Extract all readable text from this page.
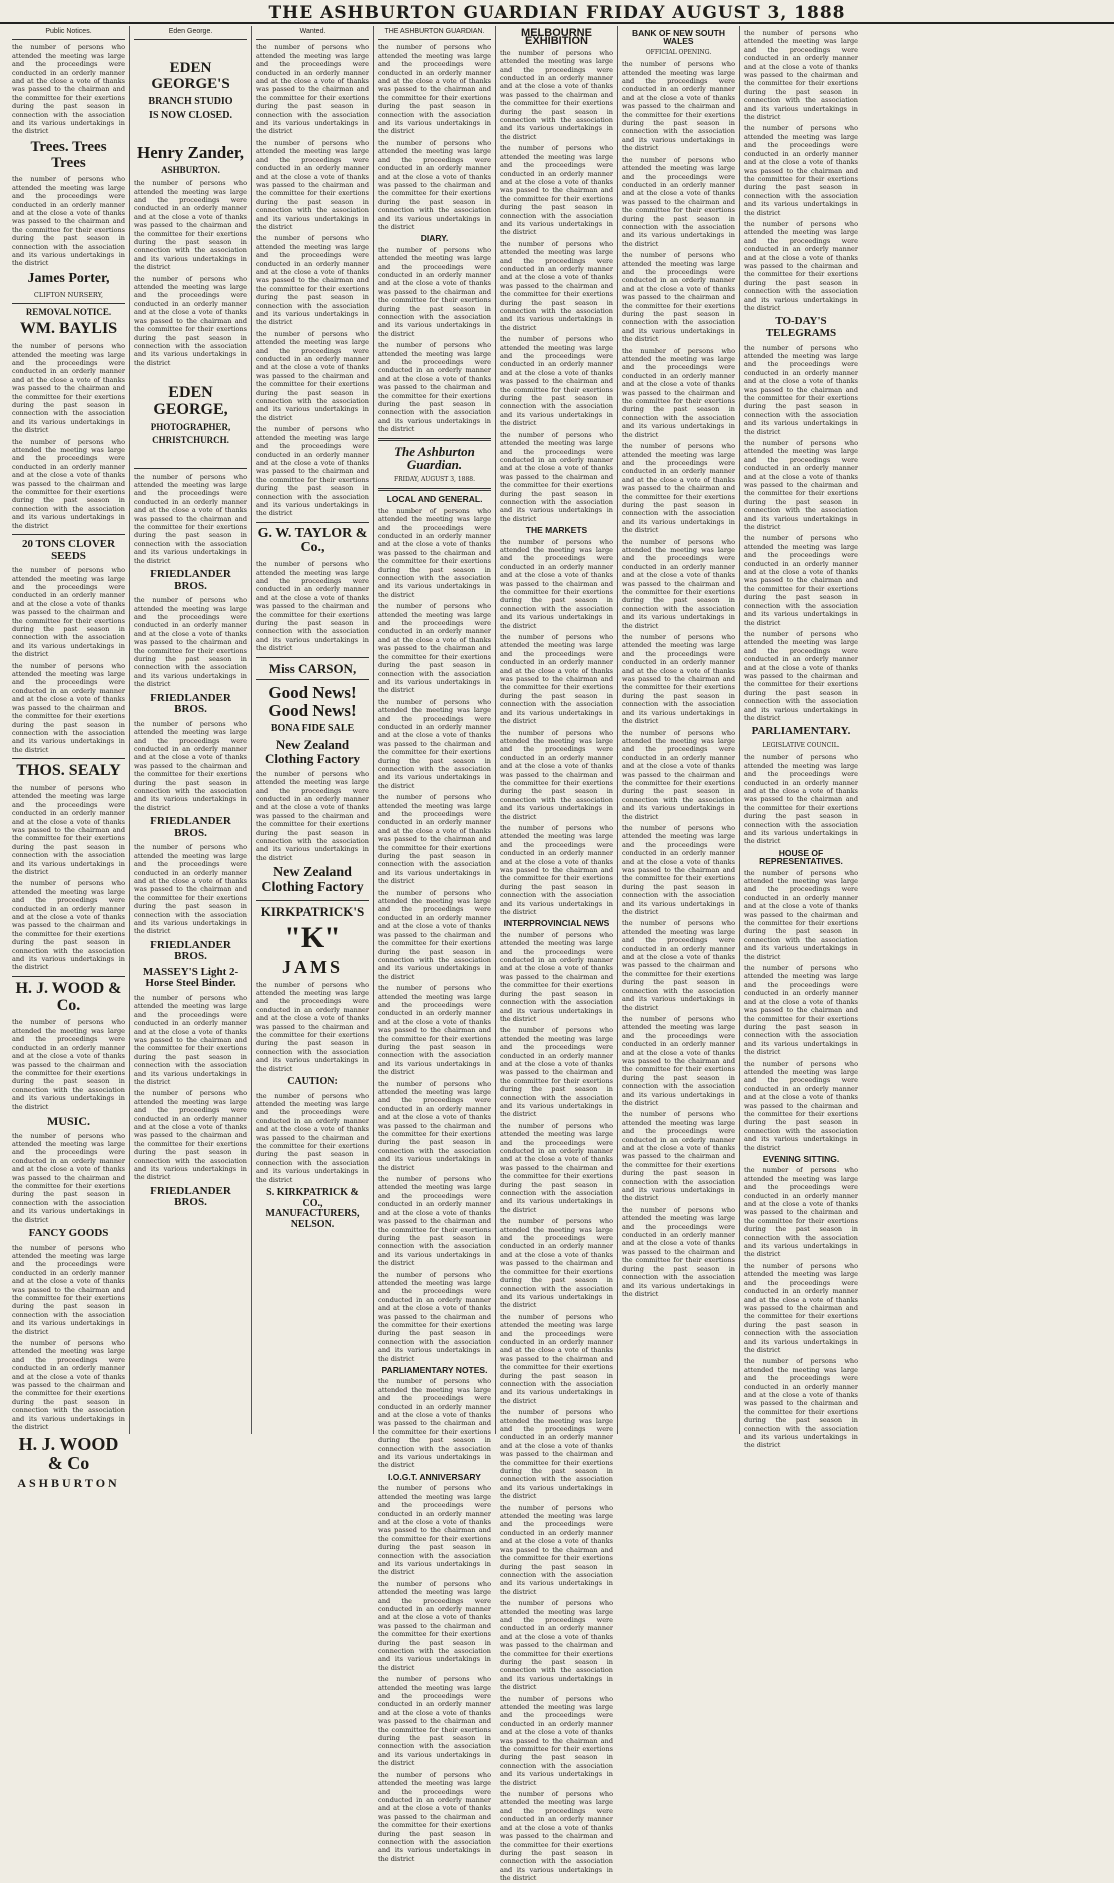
THE ASHBURTON GUARDIAN FRIDAY AUGUST 3, 1888
Public Notices.
the number of persons who attended the meeting was large and the proceedings were conducted in an orderly manner and at the close a vote of thanks was passed to the chairman and the committee for their exertions during the past season in connection with the association and its various undertakings in the district
Trees. Trees Trees
the number of persons who attended the meeting was large and the proceedings were conducted in an orderly manner and at the close a vote of thanks was passed to the chairman and the committee for their exertions during the past season in connection with the association and its various undertakings in the district
James Porter,
CLIFTON NURSERY,
REMOVAL NOTICE.
WM. BAYLIS
the number of persons who attended the meeting was large and the proceedings were conducted in an orderly manner and at the close a vote of thanks was passed to the chairman and the committee for their exertions during the past season in connection with the association and its various undertakings in the district
the number of persons who attended the meeting was large and the proceedings were conducted in an orderly manner and at the close a vote of thanks was passed to the chairman and the committee for their exertions during the past season in connection with the association and its various undertakings in the district
20 TONS CLOVER SEEDS
the number of persons who attended the meeting was large and the proceedings were conducted in an orderly manner and at the close a vote of thanks was passed to the chairman and the committee for their exertions during the past season in connection with the association and its various undertakings in the district
the number of persons who attended the meeting was large and the proceedings were conducted in an orderly manner and at the close a vote of thanks was passed to the chairman and the committee for their exertions during the past season in connection with the association and its various undertakings in the district
THOS. SEALY
the number of persons who attended the meeting was large and the proceedings were conducted in an orderly manner and at the close a vote of thanks was passed to the chairman and the committee for their exertions during the past season in connection with the association and its various undertakings in the district
the number of persons who attended the meeting was large and the proceedings were conducted in an orderly manner and at the close a vote of thanks was passed to the chairman and the committee for their exertions during the past season in connection with the association and its various undertakings in the district
H. J. WOOD & Co.
the number of persons who attended the meeting was large and the proceedings were conducted in an orderly manner and at the close a vote of thanks was passed to the chairman and the committee for their exertions during the past season in connection with the association and its various undertakings in the district
MUSIC.
the number of persons who attended the meeting was large and the proceedings were conducted in an orderly manner and at the close a vote of thanks was passed to the chairman and the committee for their exertions during the past season in connection with the association and its various undertakings in the district
FANCY GOODS
the number of persons who attended the meeting was large and the proceedings were conducted in an orderly manner and at the close a vote of thanks was passed to the chairman and the committee for their exertions during the past season in connection with the association and its various undertakings in the district
the number of persons who attended the meeting was large and the proceedings were conducted in an orderly manner and at the close a vote of thanks was passed to the chairman and the committee for their exertions during the past season in connection with the association and its various undertakings in the district
H. J. WOOD & Co
ASHBURTON
Eden George.
EDEN GEORGE'S
BRANCH STUDIO
IS NOW CLOSED.
Henry Zander,
ASHBURTON.
the number of persons who attended the meeting was large and the proceedings were conducted in an orderly manner and at the close a vote of thanks was passed to the chairman and the committee for their exertions during the past season in connection with the association and its various undertakings in the district
the number of persons who attended the meeting was large and the proceedings were conducted in an orderly manner and at the close a vote of thanks was passed to the chairman and the committee for their exertions during the past season in connection with the association and its various undertakings in the district
EDEN GEORGE,
PHOTOGRAPHER,
CHRISTCHURCH.
the number of persons who attended the meeting was large and the proceedings were conducted in an orderly manner and at the close a vote of thanks was passed to the chairman and the committee for their exertions during the past season in connection with the association and its various undertakings in the district
FRIEDLANDER BROS.
the number of persons who attended the meeting was large and the proceedings were conducted in an orderly manner and at the close a vote of thanks was passed to the chairman and the committee for their exertions during the past season in connection with the association and its various undertakings in the district
FRIEDLANDER BROS.
the number of persons who attended the meeting was large and the proceedings were conducted in an orderly manner and at the close a vote of thanks was passed to the chairman and the committee for their exertions during the past season in connection with the association and its various undertakings in the district
FRIEDLANDER BROS.
the number of persons who attended the meeting was large and the proceedings were conducted in an orderly manner and at the close a vote of thanks was passed to the chairman and the committee for their exertions during the past season in connection with the association and its various undertakings in the district
FRIEDLANDER BROS.
MASSEY'S Light 2-Horse Steel Binder.
the number of persons who attended the meeting was large and the proceedings were conducted in an orderly manner and at the close a vote of thanks was passed to the chairman and the committee for their exertions during the past season in connection with the association and its various undertakings in the district
the number of persons who attended the meeting was large and the proceedings were conducted in an orderly manner and at the close a vote of thanks was passed to the chairman and the committee for their exertions during the past season in connection with the association and its various undertakings in the district
FRIEDLANDER BROS.
Wanted.
the number of persons who attended the meeting was large and the proceedings were conducted in an orderly manner and at the close a vote of thanks was passed to the chairman and the committee for their exertions during the past season in connection with the association and its various undertakings in the district
the number of persons who attended the meeting was large and the proceedings were conducted in an orderly manner and at the close a vote of thanks was passed to the chairman and the committee for their exertions during the past season in connection with the association and its various undertakings in the district
the number of persons who attended the meeting was large and the proceedings were conducted in an orderly manner and at the close a vote of thanks was passed to the chairman and the committee for their exertions during the past season in connection with the association and its various undertakings in the district
the number of persons who attended the meeting was large and the proceedings were conducted in an orderly manner and at the close a vote of thanks was passed to the chairman and the committee for their exertions during the past season in connection with the association and its various undertakings in the district
the number of persons who attended the meeting was large and the proceedings were conducted in an orderly manner and at the close a vote of thanks was passed to the chairman and the committee for their exertions during the past season in connection with the association and its various undertakings in the district
G. W. TAYLOR & Co.,
the number of persons who attended the meeting was large and the proceedings were conducted in an orderly manner and at the close a vote of thanks was passed to the chairman and the committee for their exertions during the past season in connection with the association and its various undertakings in the district
Miss CARSON,
Good News! Good News!
BONA FIDE SALE
New Zealand Clothing Factory
the number of persons who attended the meeting was large and the proceedings were conducted in an orderly manner and at the close a vote of thanks was passed to the chairman and the committee for their exertions during the past season in connection with the association and its various undertakings in the district
New Zealand Clothing Factory
KIRKPATRICK'S
"K"
JAMS
the number of persons who attended the meeting was large and the proceedings were conducted in an orderly manner and at the close a vote of thanks was passed to the chairman and the committee for their exertions during the past season in connection with the association and its various undertakings in the district
CAUTION:
the number of persons who attended the meeting was large and the proceedings were conducted in an orderly manner and at the close a vote of thanks was passed to the chairman and the committee for their exertions during the past season in connection with the association and its various undertakings in the district
S. KIRKPATRICK & CO., MANUFACTURERS, NELSON.
THE ASHBURTON GUARDIAN.
the number of persons who attended the meeting was large and the proceedings were conducted in an orderly manner and at the close a vote of thanks was passed to the chairman and the committee for their exertions during the past season in connection with the association and its various undertakings in the district
the number of persons who attended the meeting was large and the proceedings were conducted in an orderly manner and at the close a vote of thanks was passed to the chairman and the committee for their exertions during the past season in connection with the association and its various undertakings in the district
DIARY.
the number of persons who attended the meeting was large and the proceedings were conducted in an orderly manner and at the close a vote of thanks was passed to the chairman and the committee for their exertions during the past season in connection with the association and its various undertakings in the district
the number of persons who attended the meeting was large and the proceedings were conducted in an orderly manner and at the close a vote of thanks was passed to the chairman and the committee for their exertions during the past season in connection with the association and its various undertakings in the district
The Ashburton Guardian.
FRIDAY, AUGUST 3, 1888.
LOCAL AND GENERAL.
the number of persons who attended the meeting was large and the proceedings were conducted in an orderly manner and at the close a vote of thanks was passed to the chairman and the committee for their exertions during the past season in connection with the association and its various undertakings in the district
the number of persons who attended the meeting was large and the proceedings were conducted in an orderly manner and at the close a vote of thanks was passed to the chairman and the committee for their exertions during the past season in connection with the association and its various undertakings in the district
the number of persons who attended the meeting was large and the proceedings were conducted in an orderly manner and at the close a vote of thanks was passed to the chairman and the committee for their exertions during the past season in connection with the association and its various undertakings in the district
the number of persons who attended the meeting was large and the proceedings were conducted in an orderly manner and at the close a vote of thanks was passed to the chairman and the committee for their exertions during the past season in connection with the association and its various undertakings in the district
the number of persons who attended the meeting was large and the proceedings were conducted in an orderly manner and at the close a vote of thanks was passed to the chairman and the committee for their exertions during the past season in connection with the association and its various undertakings in the district
the number of persons who attended the meeting was large and the proceedings were conducted in an orderly manner and at the close a vote of thanks was passed to the chairman and the committee for their exertions during the past season in connection with the association and its various undertakings in the district
the number of persons who attended the meeting was large and the proceedings were conducted in an orderly manner and at the close a vote of thanks was passed to the chairman and the committee for their exertions during the past season in connection with the association and its various undertakings in the district
the number of persons who attended the meeting was large and the proceedings were conducted in an orderly manner and at the close a vote of thanks was passed to the chairman and the committee for their exertions during the past season in connection with the association and its various undertakings in the district
the number of persons who attended the meeting was large and the proceedings were conducted in an orderly manner and at the close a vote of thanks was passed to the chairman and the committee for their exertions during the past season in connection with the association and its various undertakings in the district
PARLIAMENTARY NOTES.
the number of persons who attended the meeting was large and the proceedings were conducted in an orderly manner and at the close a vote of thanks was passed to the chairman and the committee for their exertions during the past season in connection with the association and its various undertakings in the district
I.O.G.T. ANNIVERSARY
the number of persons who attended the meeting was large and the proceedings were conducted in an orderly manner and at the close a vote of thanks was passed to the chairman and the committee for their exertions during the past season in connection with the association and its various undertakings in the district
the number of persons who attended the meeting was large and the proceedings were conducted in an orderly manner and at the close a vote of thanks was passed to the chairman and the committee for their exertions during the past season in connection with the association and its various undertakings in the district
the number of persons who attended the meeting was large and the proceedings were conducted in an orderly manner and at the close a vote of thanks was passed to the chairman and the committee for their exertions during the past season in connection with the association and its various undertakings in the district
the number of persons who attended the meeting was large and the proceedings were conducted in an orderly manner and at the close a vote of thanks was passed to the chairman and the committee for their exertions during the past season in connection with the association and its various undertakings in the district
MELBOURNE EXHIBITION
the number of persons who attended the meeting was large and the proceedings were conducted in an orderly manner and at the close a vote of thanks was passed to the chairman and the committee for their exertions during the past season in connection with the association and its various undertakings in the district
the number of persons who attended the meeting was large and the proceedings were conducted in an orderly manner and at the close a vote of thanks was passed to the chairman and the committee for their exertions during the past season in connection with the association and its various undertakings in the district
the number of persons who attended the meeting was large and the proceedings were conducted in an orderly manner and at the close a vote of thanks was passed to the chairman and the committee for their exertions during the past season in connection with the association and its various undertakings in the district
the number of persons who attended the meeting was large and the proceedings were conducted in an orderly manner and at the close a vote of thanks was passed to the chairman and the committee for their exertions during the past season in connection with the association and its various undertakings in the district
the number of persons who attended the meeting was large and the proceedings were conducted in an orderly manner and at the close a vote of thanks was passed to the chairman and the committee for their exertions during the past season in connection with the association and its various undertakings in the district
THE MARKETS
the number of persons who attended the meeting was large and the proceedings were conducted in an orderly manner and at the close a vote of thanks was passed to the chairman and the committee for their exertions during the past season in connection with the association and its various undertakings in the district
the number of persons who attended the meeting was large and the proceedings were conducted in an orderly manner and at the close a vote of thanks was passed to the chairman and the committee for their exertions during the past season in connection with the association and its various undertakings in the district
the number of persons who attended the meeting was large and the proceedings were conducted in an orderly manner and at the close a vote of thanks was passed to the chairman and the committee for their exertions during the past season in connection with the association and its various undertakings in the district
the number of persons who attended the meeting was large and the proceedings were conducted in an orderly manner and at the close a vote of thanks was passed to the chairman and the committee for their exertions during the past season in connection with the association and its various undertakings in the district
INTERPROVINCIAL NEWS
the number of persons who attended the meeting was large and the proceedings were conducted in an orderly manner and at the close a vote of thanks was passed to the chairman and the committee for their exertions during the past season in connection with the association and its various undertakings in the district
the number of persons who attended the meeting was large and the proceedings were conducted in an orderly manner and at the close a vote of thanks was passed to the chairman and the committee for their exertions during the past season in connection with the association and its various undertakings in the district
the number of persons who attended the meeting was large and the proceedings were conducted in an orderly manner and at the close a vote of thanks was passed to the chairman and the committee for their exertions during the past season in connection with the association and its various undertakings in the district
the number of persons who attended the meeting was large and the proceedings were conducted in an orderly manner and at the close a vote of thanks was passed to the chairman and the committee for their exertions during the past season in connection with the association and its various undertakings in the district
the number of persons who attended the meeting was large and the proceedings were conducted in an orderly manner and at the close a vote of thanks was passed to the chairman and the committee for their exertions during the past season in connection with the association and its various undertakings in the district
the number of persons who attended the meeting was large and the proceedings were conducted in an orderly manner and at the close a vote of thanks was passed to the chairman and the committee for their exertions during the past season in connection with the association and its various undertakings in the district
the number of persons who attended the meeting was large and the proceedings were conducted in an orderly manner and at the close a vote of thanks was passed to the chairman and the committee for their exertions during the past season in connection with the association and its various undertakings in the district
the number of persons who attended the meeting was large and the proceedings were conducted in an orderly manner and at the close a vote of thanks was passed to the chairman and the committee for their exertions during the past season in connection with the association and its various undertakings in the district
the number of persons who attended the meeting was large and the proceedings were conducted in an orderly manner and at the close a vote of thanks was passed to the chairman and the committee for their exertions during the past season in connection with the association and its various undertakings in the district
the number of persons who attended the meeting was large and the proceedings were conducted in an orderly manner and at the close a vote of thanks was passed to the chairman and the committee for their exertions during the past season in connection with the association and its various undertakings in the district
BANK OF NEW SOUTH WALES
OFFICIAL OPENING.
the number of persons who attended the meeting was large and the proceedings were conducted in an orderly manner and at the close a vote of thanks was passed to the chairman and the committee for their exertions during the past season in connection with the association and its various undertakings in the district
the number of persons who attended the meeting was large and the proceedings were conducted in an orderly manner and at the close a vote of thanks was passed to the chairman and the committee for their exertions during the past season in connection with the association and its various undertakings in the district
the number of persons who attended the meeting was large and the proceedings were conducted in an orderly manner and at the close a vote of thanks was passed to the chairman and the committee for their exertions during the past season in connection with the association and its various undertakings in the district
the number of persons who attended the meeting was large and the proceedings were conducted in an orderly manner and at the close a vote of thanks was passed to the chairman and the committee for their exertions during the past season in connection with the association and its various undertakings in the district
the number of persons who attended the meeting was large and the proceedings were conducted in an orderly manner and at the close a vote of thanks was passed to the chairman and the committee for their exertions during the past season in connection with the association and its various undertakings in the district
the number of persons who attended the meeting was large and the proceedings were conducted in an orderly manner and at the close a vote of thanks was passed to the chairman and the committee for their exertions during the past season in connection with the association and its various undertakings in the district
the number of persons who attended the meeting was large and the proceedings were conducted in an orderly manner and at the close a vote of thanks was passed to the chairman and the committee for their exertions during the past season in connection with the association and its various undertakings in the district
the number of persons who attended the meeting was large and the proceedings were conducted in an orderly manner and at the close a vote of thanks was passed to the chairman and the committee for their exertions during the past season in connection with the association and its various undertakings in the district
the number of persons who attended the meeting was large and the proceedings were conducted in an orderly manner and at the close a vote of thanks was passed to the chairman and the committee for their exertions during the past season in connection with the association and its various undertakings in the district
the number of persons who attended the meeting was large and the proceedings were conducted in an orderly manner and at the close a vote of thanks was passed to the chairman and the committee for their exertions during the past season in connection with the association and its various undertakings in the district
the number of persons who attended the meeting was large and the proceedings were conducted in an orderly manner and at the close a vote of thanks was passed to the chairman and the committee for their exertions during the past season in connection with the association and its various undertakings in the district
the number of persons who attended the meeting was large and the proceedings were conducted in an orderly manner and at the close a vote of thanks was passed to the chairman and the committee for their exertions during the past season in connection with the association and its various undertakings in the district
the number of persons who attended the meeting was large and the proceedings were conducted in an orderly manner and at the close a vote of thanks was passed to the chairman and the committee for their exertions during the past season in connection with the association and its various undertakings in the district
the number of persons who attended the meeting was large and the proceedings were conducted in an orderly manner and at the close a vote of thanks was passed to the chairman and the committee for their exertions during the past season in connection with the association and its various undertakings in the district
the number of persons who attended the meeting was large and the proceedings were conducted in an orderly manner and at the close a vote of thanks was passed to the chairman and the committee for their exertions during the past season in connection with the association and its various undertakings in the district
the number of persons who attended the meeting was large and the proceedings were conducted in an orderly manner and at the close a vote of thanks was passed to the chairman and the committee for their exertions during the past season in connection with the association and its various undertakings in the district
TO-DAY'S TELEGRAMS
the number of persons who attended the meeting was large and the proceedings were conducted in an orderly manner and at the close a vote of thanks was passed to the chairman and the committee for their exertions during the past season in connection with the association and its various undertakings in the district
the number of persons who attended the meeting was large and the proceedings were conducted in an orderly manner and at the close a vote of thanks was passed to the chairman and the committee for their exertions during the past season in connection with the association and its various undertakings in the district
the number of persons who attended the meeting was large and the proceedings were conducted in an orderly manner and at the close a vote of thanks was passed to the chairman and the committee for their exertions during the past season in connection with the association and its various undertakings in the district
the number of persons who attended the meeting was large and the proceedings were conducted in an orderly manner and at the close a vote of thanks was passed to the chairman and the committee for their exertions during the past season in connection with the association and its various undertakings in the district
PARLIAMENTARY.
LEGISLATIVE COUNCIL.
the number of persons who attended the meeting was large and the proceedings were conducted in an orderly manner and at the close a vote of thanks was passed to the chairman and the committee for their exertions during the past season in connection with the association and its various undertakings in the district
HOUSE OF REPRESENTATIVES.
the number of persons who attended the meeting was large and the proceedings were conducted in an orderly manner and at the close a vote of thanks was passed to the chairman and the committee for their exertions during the past season in connection with the association and its various undertakings in the district
the number of persons who attended the meeting was large and the proceedings were conducted in an orderly manner and at the close a vote of thanks was passed to the chairman and the committee for their exertions during the past season in connection with the association and its various undertakings in the district
the number of persons who attended the meeting was large and the proceedings were conducted in an orderly manner and at the close a vote of thanks was passed to the chairman and the committee for their exertions during the past season in connection with the association and its various undertakings in the district
EVENING SITTING.
the number of persons who attended the meeting was large and the proceedings were conducted in an orderly manner and at the close a vote of thanks was passed to the chairman and the committee for their exertions during the past season in connection with the association and its various undertakings in the district
the number of persons who attended the meeting was large and the proceedings were conducted in an orderly manner and at the close a vote of thanks was passed to the chairman and the committee for their exertions during the past season in connection with the association and its various undertakings in the district
the number of persons who attended the meeting was large and the proceedings were conducted in an orderly manner and at the close a vote of thanks was passed to the chairman and the committee for their exertions during the past season in connection with the association and its various undertakings in the district
